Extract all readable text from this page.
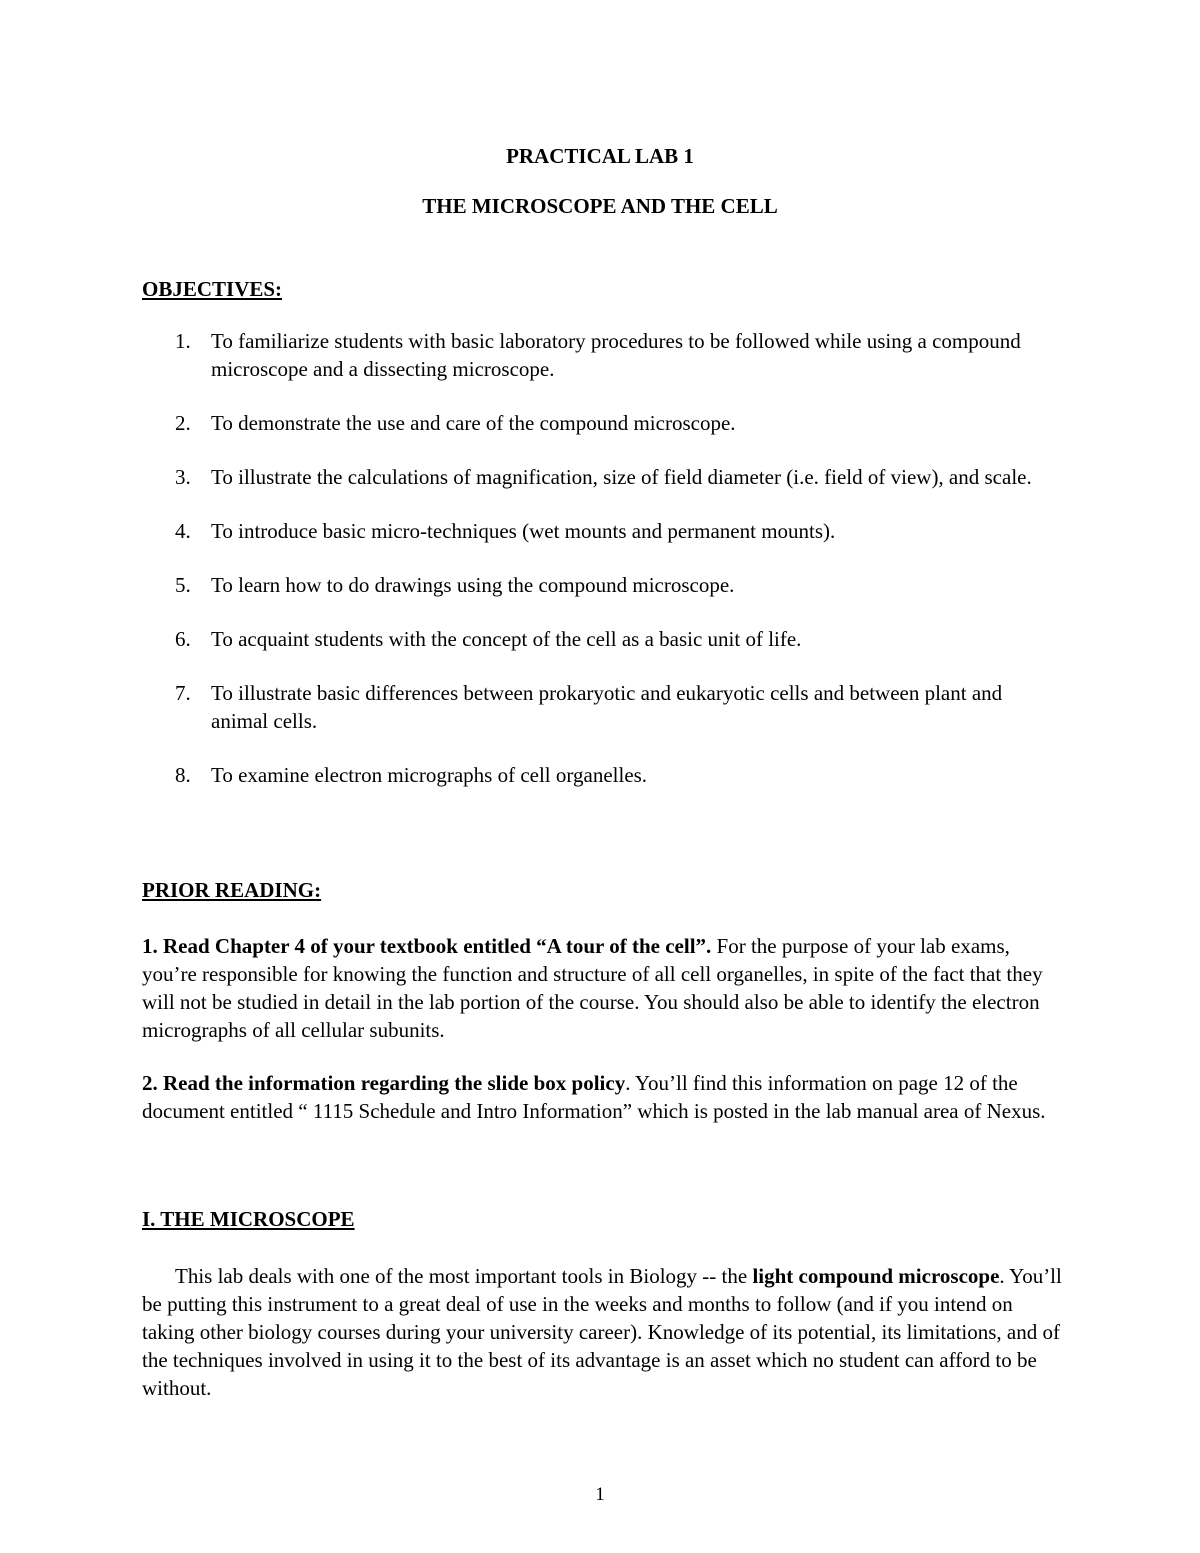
PRACTICAL LAB 1
THE MICROSCOPE AND THE CELL
OBJECTIVES:
1. To familiarize students with basic laboratory procedures to be followed while using a compound microscope and a dissecting microscope.
2. To demonstrate the use and care of the compound microscope.
3. To illustrate the calculations of magnification, size of field diameter (i.e. field of view), and scale.
4. To introduce basic micro-techniques (wet mounts and permanent mounts).
5. To learn how to do drawings using the compound microscope.
6. To acquaint students with the concept of the cell as a basic unit of life.
7. To illustrate basic differences between prokaryotic and eukaryotic cells and between plant and animal cells.
8. To examine electron micrographs of cell organelles.
PRIOR READING:
1. Read Chapter 4 of your textbook entitled “A tour of the cell”. For the purpose of your lab exams, you’re responsible for knowing the function and structure of all cell organelles, in spite of the fact that they will not be studied in detail in the lab portion of the course. You should also be able to identify the electron micrographs of all cellular subunits.
2. Read the information regarding the slide box policy. You’ll find this information on page 12 of the document entitled “ 1115 Schedule and Intro Information” which is posted in the lab manual area of Nexus.
I. THE MICROSCOPE
This lab deals with one of the most important tools in Biology -- the light compound microscope. You’ll be putting this instrument to a great deal of use in the weeks and months to follow (and if you intend on taking other biology courses during your university career). Knowledge of its potential, its limitations, and of the techniques involved in using it to the best of its advantage is an asset which no student can afford to be without.
1
